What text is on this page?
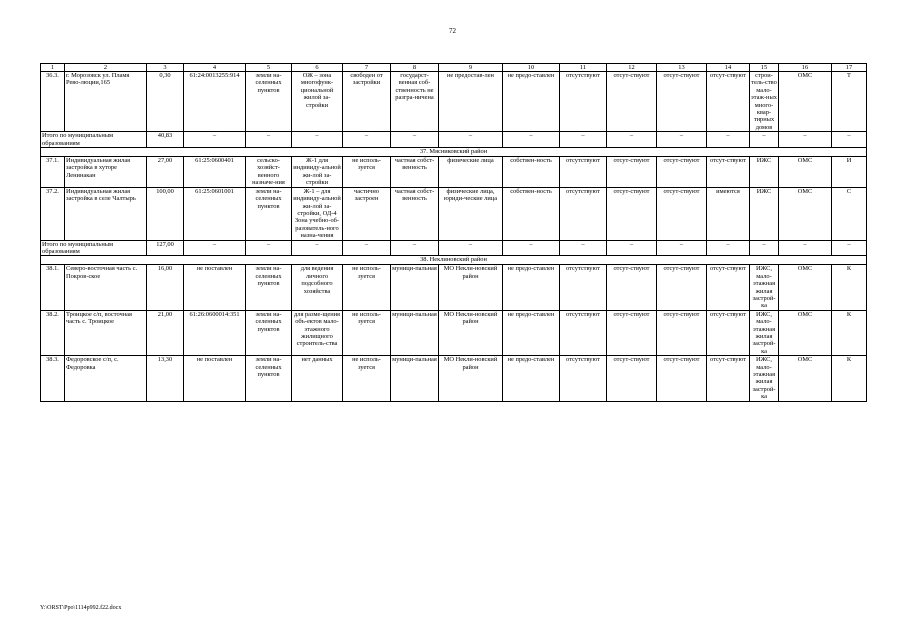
72
1	2	3	4	5	6	7	8	9	10	11	12	13	14	15	16	17
36.3.	г. Морозовск ул. Пламя Рево-люции,165	0,30	61:24:0013255:914	земли на-селенных пунктов	ОЖ – зона многофунк-циональной жилой за-стройки	свободен от застройки	государст-венная соб-ственность не разгра-ничена	не предостав-лен	не предо-ставлен	отсутствуют	отсут-ствуют	отсут-ствуют	отсут-ствуют	строи-тель-ство мало-этаж-ных много-квар-тирных домов	ОМС	Т
Итого по муниципальным образованиям		40,83	–	–	–	–	–	–	–	–	–	–	–	–	–	–
37. Мясниковский район																
37.1.	Индивидуальная жилая застройка в хуторе Ленинакан	27,00	61:25:0600401	сельско-хозяйст-венного назначе-ния	Ж-1 для индивиду-альной жи-лой за-стройки	не исполь-зуется	частная собст-венность	физические лица	собствен-ность	отсутствуют	отсут-ствуют	отсут-ствуют	отсут-ствуют	ИЖС	ОМС	И
37.2.	Индивидуальная жилая застройка в селе Чалтырь	100,00	61:25:0601001	земли на-селенных пунктов	Ж-1 – для индивиду-альной жи-лой за-стройки, ОД-4 Зона учебно-об-разователь-ного назна-чения	частично застроен	частная собст-венность	физические лица, юриди-ческие лица	собствен-ность	отсутствуют	отсут-ствуют	отсут-ствуют	имеются	ИЖС	ОМС	С
Итого по муниципальным образованиям		127,00	–	–	–	–	–	–	–	–	–	–	–	–	–	–
38. Неклиновский район																
38.1.	Северо-восточная часть с. Покров-ское	16,00	не поставлен	земли на-селенных пунктов	для ведения личного подсобного хозяйства	не исполь-зуется	муници-пальная	МО Некли-новский район	не предо-ставлен	отсутствуют	отсут-ствуют	отсут-ствуют	отсут-ствуют	ИЖС, мало-этажная жилая застрой-ка	ОМС	К
38.2.	Троицкое с/п, восточная часть с. Троицкое	21,00	61:26:0600014:351	земли на-селенных пунктов	для разме-щения объ-ектов мало-этажного жилищного строитель-ства	не исполь-зуется	муници-пальная	МО Некли-новский район	не предо-ставлен	отсутствуют	отсут-ствуют	отсут-ствуют	отсут-ствуют	ИЖС, мало-этажная жилая застрой-ка	ОМС	К
38.3.	Федоровское с/п, с. Федоровка	13,30	не поставлен	земли на-селенных пунктов	нет данных	не исполь-зуется	муници-пальная	МО Некли-новский район	не предо-ставлен	отсутствуют	отсут-ствуют	отсут-ствуют	отсут-ствуют	ИЖС, мало-этажная жилая застрой-ка	ОМС	К
Y:\ORST\Ppo\1114p992.f22.docx
